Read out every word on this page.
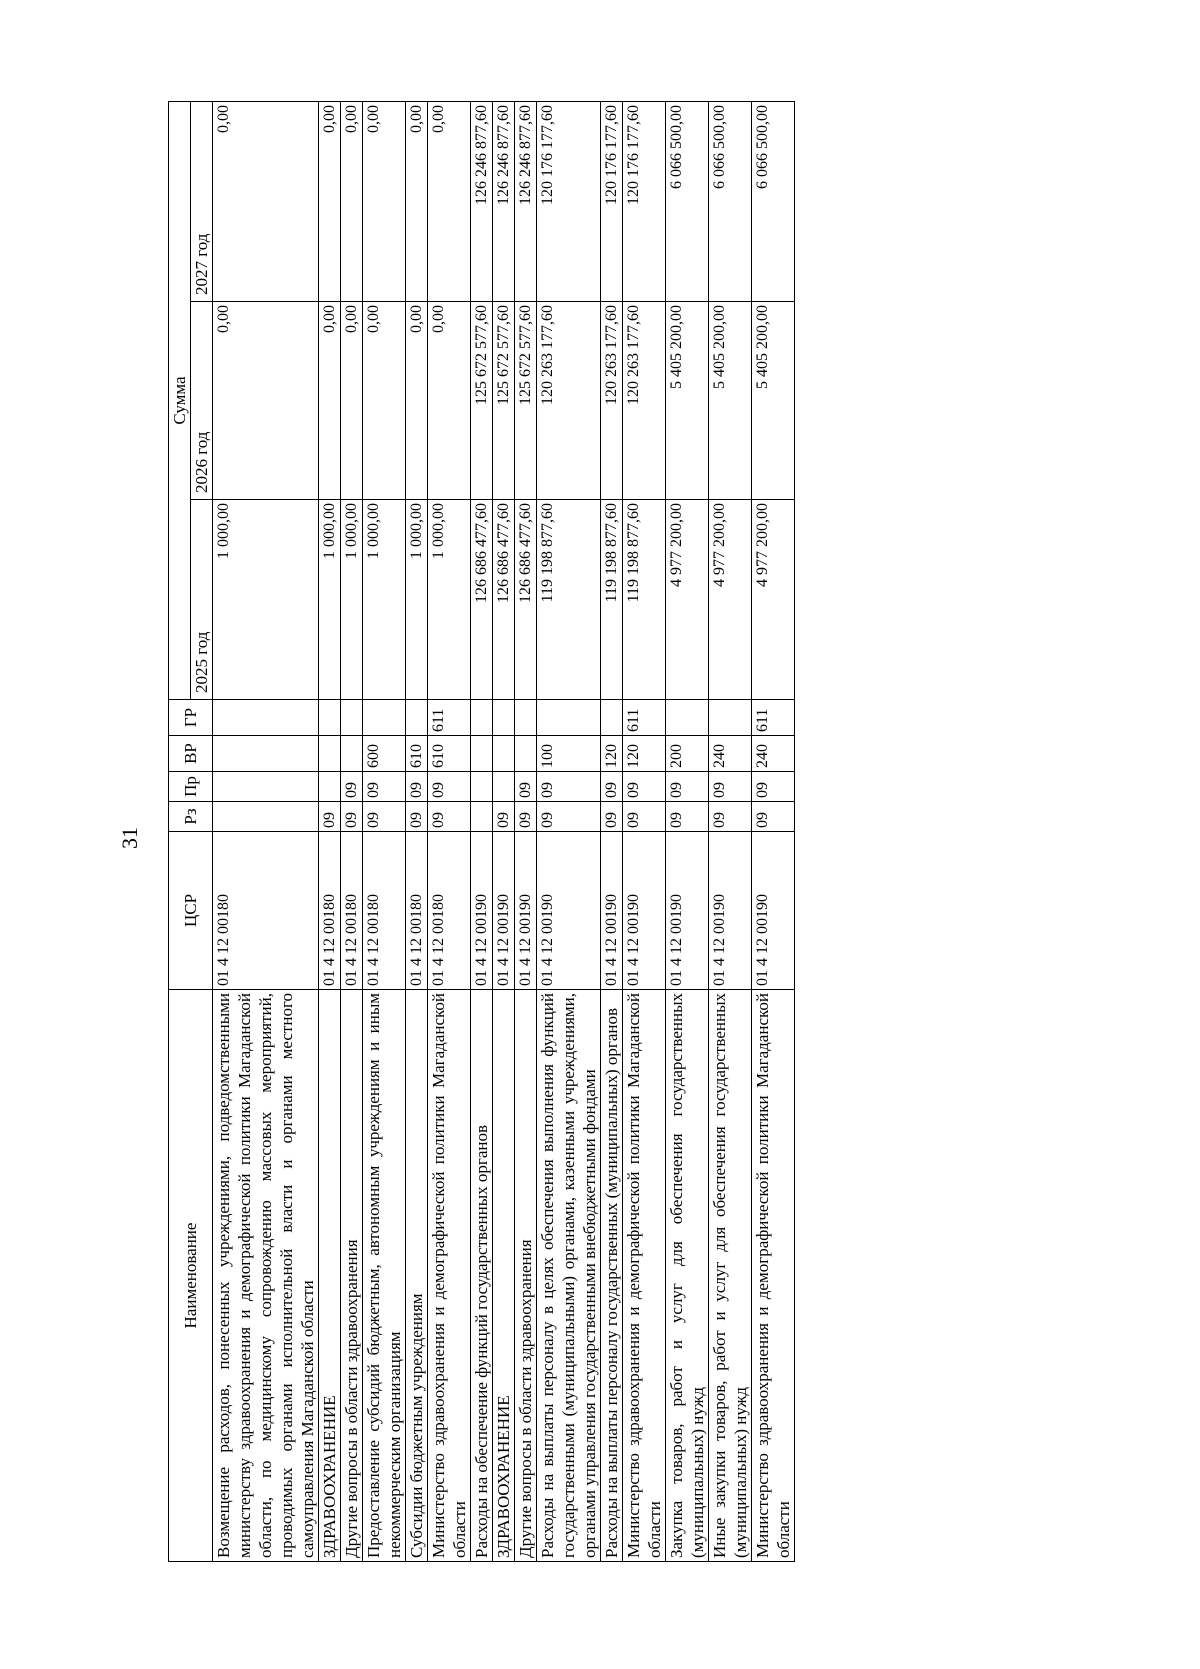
31
Наименование	ЦСР	Рз	Пр	ВР	ГР	Сумма		
						2025 год	2026 год	2027 год
Возмещение расходов, понесенных учреждениями, подведомственными министерству здравоохранения и демографической политики Магаданской области, по медицинскому сопровождению массовых мероприятий, проводимых органами исполнительной власти и органами местного самоуправления Магаданской области	01 4 12 00180					1 000,00	0,00	0,00
ЗДРАВООХРАНЕНИЕ	01 4 12 00180	09				1 000,00	0,00	0,00
Другие вопросы в области здравоохранения	01 4 12 00180	09	09			1 000,00	0,00	0,00
Предоставление субсидий бюджетным, автономным учреждениям и иным некоммерческим организациям	01 4 12 00180	09	09	600		1 000,00	0,00	0,00
Субсидии бюджетным учреждениям	01 4 12 00180	09	09	610		1 000,00	0,00	0,00
Министерство здравоохранения и демографической политики Магаданской области	01 4 12 00180	09	09	610	611	1 000,00	0,00	0,00
Расходы на обеспечение функций государственных органов	01 4 12 00190					126 686 477,60	125 672 577,60	126 246 877,60
ЗДРАВООХРАНЕНИЕ	01 4 12 00190	09				126 686 477,60	125 672 577,60	126 246 877,60
Другие вопросы в области здравоохранения	01 4 12 00190	09	09			126 686 477,60	125 672 577,60	126 246 877,60
Расходы на выплаты персоналу в целях обеспечения выполнения функций государственными (муниципальными) органами, казенными учреждениями, органами управления государственными внебюджетными фондами	01 4 12 00190	09	09	100		119 198 877,60	120 263 177,60	120 176 177,60
Расходы на выплаты персоналу государственных (муниципальных) органов	01 4 12 00190	09	09	120		119 198 877,60	120 263 177,60	120 176 177,60
Министерство здравоохранения и демографической политики Магаданской области	01 4 12 00190	09	09	120	611	119 198 877,60	120 263 177,60	120 176 177,60
Закупка товаров, работ и услуг для обеспечения государственных (муниципальных) нужд	01 4 12 00190	09	09	200		4 977 200,00	5 405 200,00	6 066 500,00
Иные закупки товаров, работ и услуг для обеспечения государственных (муниципальных) нужд	01 4 12 00190	09	09	240		4 977 200,00	5 405 200,00	6 066 500,00
Министерство здравоохранения и демографической политики Магаданской области	01 4 12 00190	09	09	240	611	4 977 200,00	5 405 200,00	6 066 500,00
